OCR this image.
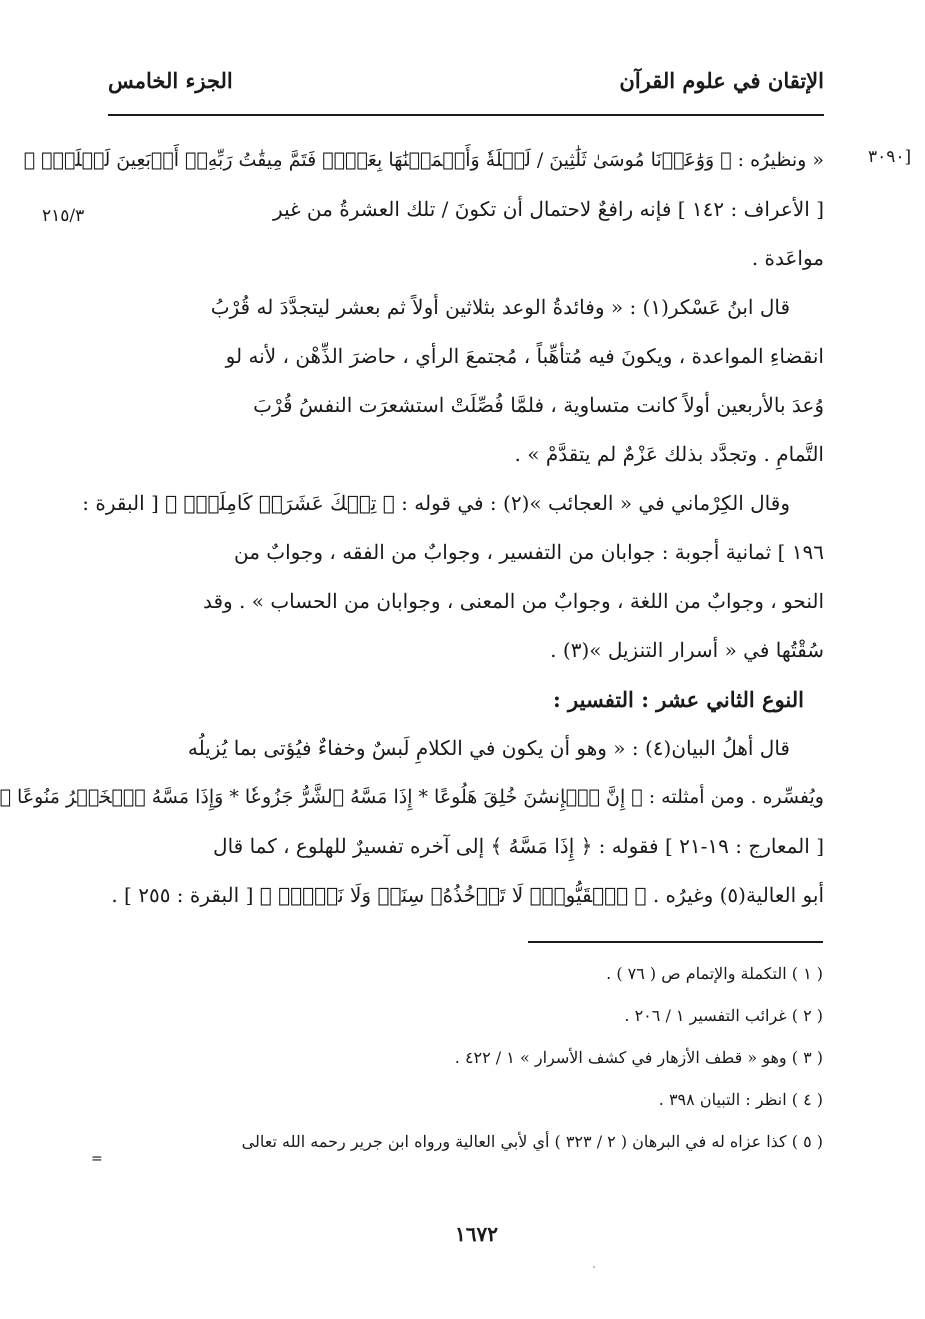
الإتقان في علوم القرآن
الجزء الخامس
[٣٠٩٠
٢١٥/٣

« ونظيرُه : ﴿ وَوَٰعَدۡنَا مُوسَىٰ ثَلَٰثِينَ / لَيۡلَةٗ وَأَتۡمَمۡنَٰهَا بِعَشۡرٖ فَتَمَّ مِيقَٰتُ رَبِّهِۦٓ أَرۡبَعِينَ لَيۡلَةٗۚ ﴾
[ الأعراف : ١٤٢ ] فإنه رافعٌ لاحتمال أن تكونَ / تلك العشرةُ من غير
مواعَدة .

قال ابنُ عَسْكر(١) : « وفائدةُ الوعد بثلاثين أولاً ثم بعشر ليتجدَّدَ له قُرْبُ
انقضاءِ المواعدة ، ويكونَ فيه مُتأهِّباً ، مُجتمعَ الرأي ، حاضرَ الذِّهْن ، لأنه لو
وُعدَ بالأربعين أولاً كانت متساوية ، فلمَّا فُصِّلَتْ استشعرَت النفسُ قُرْبَ
التَّمامِ . وتجدَّد بذلك عَزْمٌ لم يتقدَّمْ » .

وقال الكِرْماني في « العجائب »(٢) : في قوله : ﴿ تِلۡكَ عَشَرَةٞ كَامِلَةٞۗ ﴾ [ البقرة :
١٩٦ ] ثمانية أجوبة : جوابان من التفسير ، وجوابٌ من الفقه ، وجوابٌ من
النحو ، وجوابٌ من اللغة ، وجوابٌ من المعنى ، وجوابان من الحساب » . وقد
سُقْتُها في « أسرار التنزيل »(٣) .

النوع الثاني عشر : التفسير :

قال أهلُ البيان(٤) : « وهو أن يكون في الكلامِ لَبسٌ وخفاءٌ فيُؤتى بما يُزيلُه
ويُفسِّره . ومن أمثلته : ﴿ إِنَّ ٱلۡإِنسَٰنَ خُلِقَ هَلُوعًا * إِذَا مَسَّهُ ٱلشَّرُّ جَزُوعٗا * وَإِذَا مَسَّهُ ٱلۡخَيۡرُ مَنُوعًا ﴾
[ المعارج : ١٩-٢١ ] فقوله : ﴿ إِذَا مَسَّهُ ﴾ إلى آخره تفسيرٌ للهلوع ، كما قال
أبو العالية(٥) وغيرُه . ﴿ ٱلۡقَيُّومُۚ لَا تَأۡخُذُهُۥ سِنَةٞ وَلَا نَوۡمٞۚ ﴾ [ البقرة : ٢٥٥ ] .

( ١ ) التكملة والإتمام ص ( ٧٦ ) .
( ٢ ) غرائب التفسير ١ / ٢٠٦ .
( ٣ ) وهو « قطف الأزهار في كشف الأسرار » ١ / ٤٢٢ .
( ٤ ) انظر : التبيان ٣٩٨ .
( ٥ ) كذا عزاه له في البرهان ( ٢ / ٣٢٣ ) أي لأبي العالية ورواه ابن جرير رحمه الله تعالى
=
١٦٧٢
